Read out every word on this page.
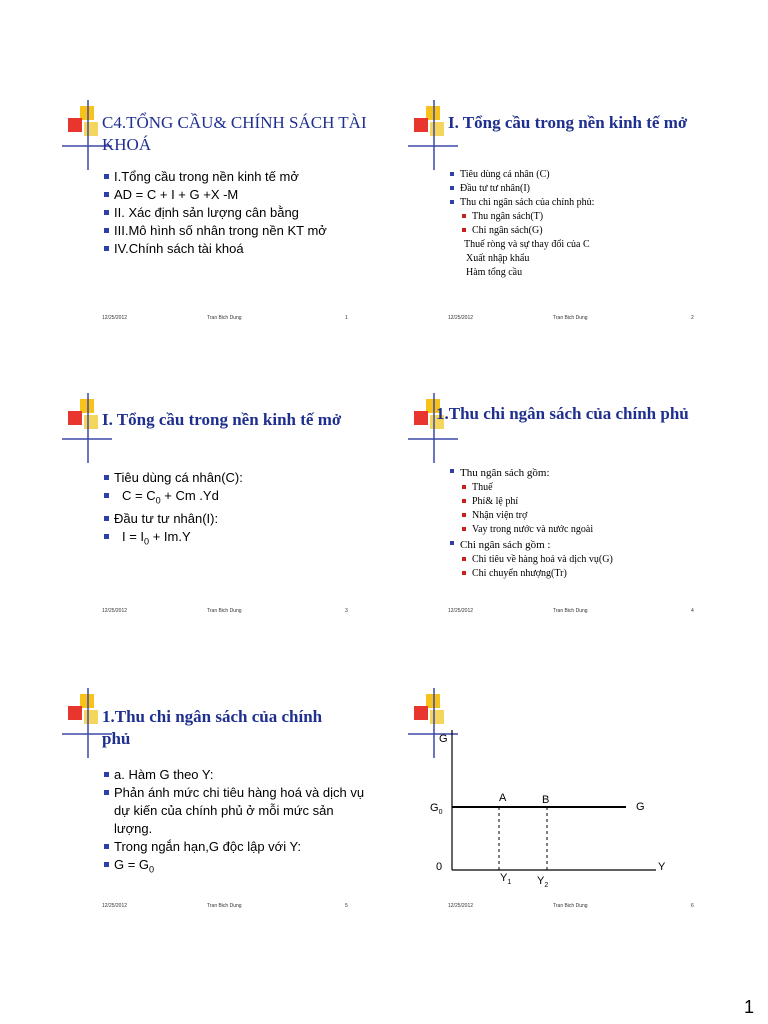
C4.TỔNG CẦU& CHÍNH SÁCH TÀI KHOÁ
I.Tổng cầu trong nền kinh tế mở
AD = C + I + G +X -M
II. Xác định sản lượng cân bằng
III.Mô hình số nhân trong nền KT mở
IV.Chính sách tài khoá
12/25/2012	Tran Bich Dung	1
I. Tổng cầu trong nền kinh tế mở
Tiêu dùng cá nhân (C)
Đầu tư tư nhân(I)
Thu chi ngân sách của chính phủ:
Thu ngân sách(T)
Chi ngân sách(G)
Thuế ròng và sự thay đổi của C
Xuất nhập khẩu
Hàm tổng cầu
12/25/2012	Tran Bich Dung	2
I. Tổng cầu trong nền kinh tế mở
Tiêu dùng cá nhân(C):
$C = C_0 + Cm$ .Yd
Đầu tư tư nhân(I):
$I = I_0 + Im.Y$
12/25/2012	Tran Bich Dung	3
1.Thu chi ngân sách của chính phủ
Thu ngân sách gồm:
Thuế
Phí& lệ phí
Nhận viện trợ
Vay trong nước và nước ngoài
Chi ngân sách gồm :
Chi tiêu về hàng hoá và dịch vụ(G)
Chi chuyển nhượng(Tr)
12/25/2012	Tran Bich Dung	4
1.Thu chi ngân sách của chính phủ
a. Hàm G theo Y:
Phản ánh mức chi tiêu hàng hoá và dịch vụ dự kiến của chính phủ ở mỗi mức sản lượng.
Trong ngắn hạn,G độc lập với Y:
$G = G_0$
12/25/2012	Tran Bich Dung	5
G
$G_0$	G
A	B
0	Y
$Y_1$ $Y_2$
12/25/2012	Tran Bich Dung	6
1
